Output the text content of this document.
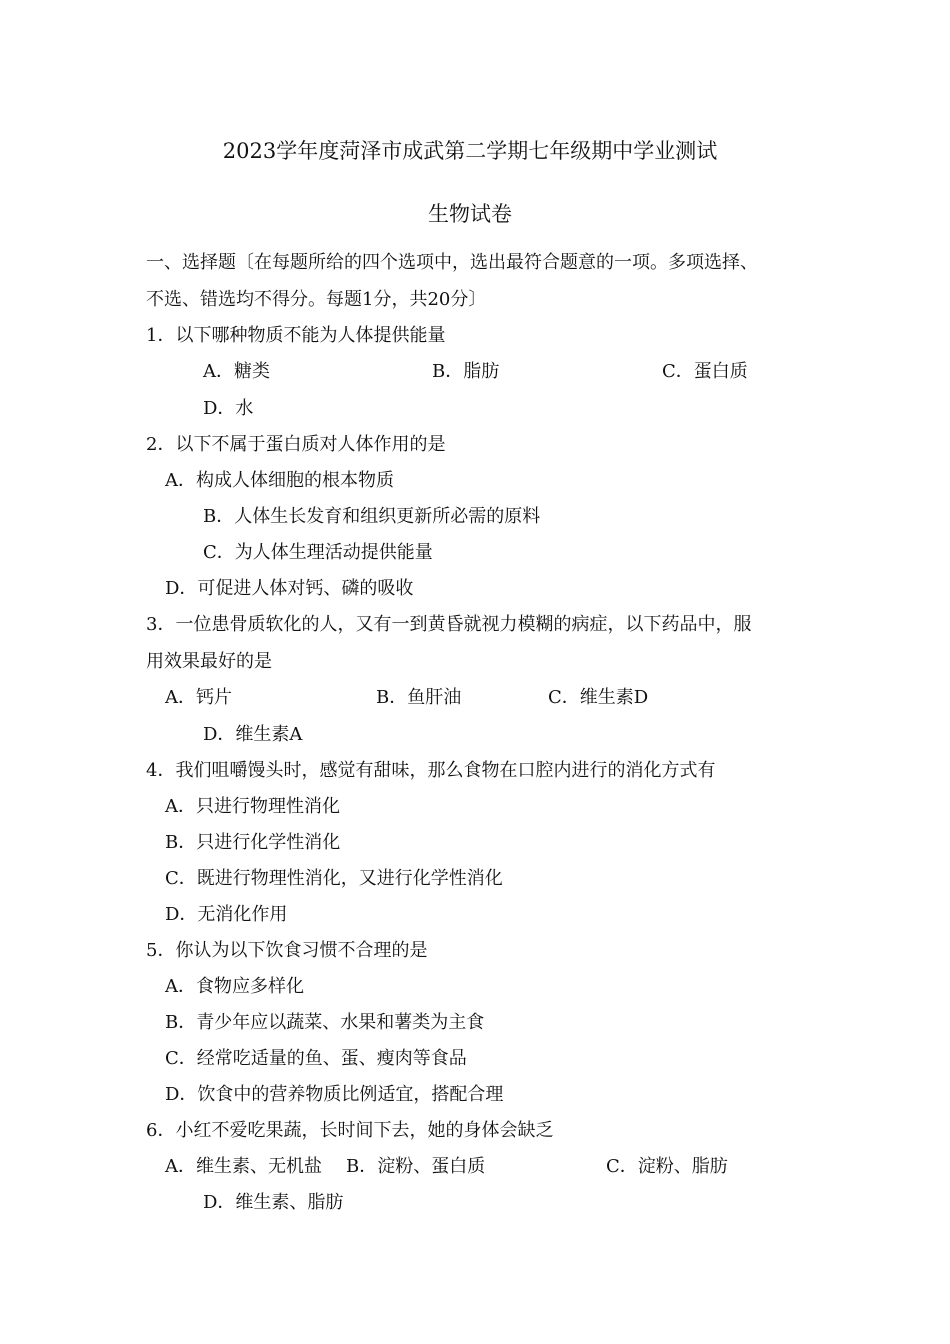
2023学年度菏泽市成武第二学期七年级期中学业测试
生物试卷
一、选择题〔在每题所给的四个选项中，选出最符合题意的一项。多项选择、
不选、错选均不得分。每题1分，共20分〕
1．以下哪种物质不能为人体提供能量
A．糖类	B．脂肪	C．蛋白质
D．水
2．以下不属于蛋白质对人体作用的是
A．构成人体细胞的根本物质
B．人体生长发育和组织更新所必需的原料
C．为人体生理活动提供能量
D．可促进人体对钙、磷的吸收
3．一位患骨质软化的人，又有一到黄昏就视力模糊的病症，以下药品中，服
用效果最好的是
A．钙片	B．鱼肝油	C．维生素D
D．维生素A
4．我们咀嚼馒头时，感觉有甜味，那么食物在口腔内进行的消化方式有
A．只进行物理性消化
B．只进行化学性消化
C．既进行物理性消化，又进行化学性消化
D．无消化作用
5．你认为以下饮食习惯不合理的是
A．食物应多样化
B．青少年应以蔬菜、水果和薯类为主食
C．经常吃适量的鱼、蛋、瘦肉等食品
D．饮食中的营养物质比例适宜，搭配合理
6．小红不爱吃果蔬，长时间下去，她的身体会缺乏
A．维生素、无机盐 B．淀粉、蛋白质	C．淀粉、脂肪
D．维生素、脂肪
